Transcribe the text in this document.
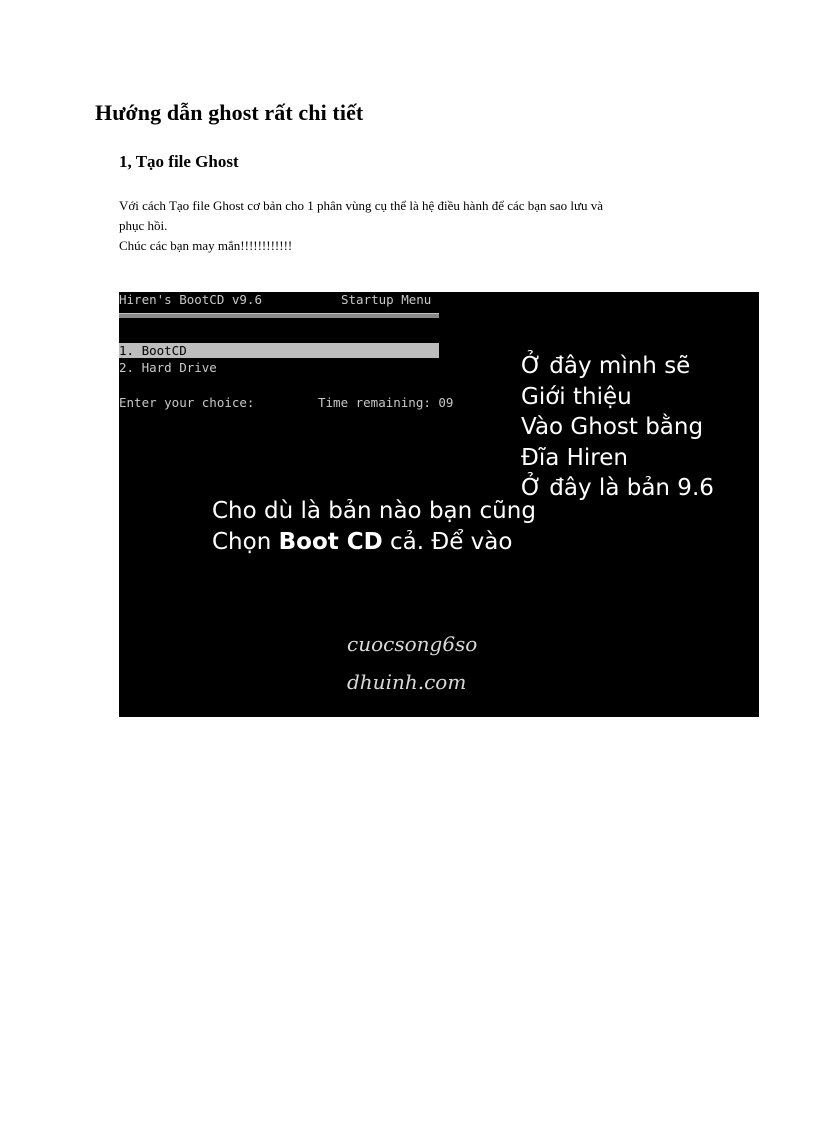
Hướng dẫn ghost rất chi tiết
1, Tạo file Ghost
Với cách Tạo file Ghost cơ bản cho 1 phân vùng cụ thể là hệ điều hành để các bạn sao lưu và
phục hồi.
Chúc các bạn may mắn!!!!!!!!!!!!
Hiren's BootCD v9.6	Startup Menu
1. BootCD
2. Hard Drive
Enter your choice:	Time remaining: 09
Ở đây mình sẽ
Giới thiệu
Vào Ghost bằng
Đĩa Hiren
Ở đây là bản 9.6
Cho dù là bản nào bạn cũng
Chọn Boot CD cả. Để vào
cuocsong6so
dhuinh.com
